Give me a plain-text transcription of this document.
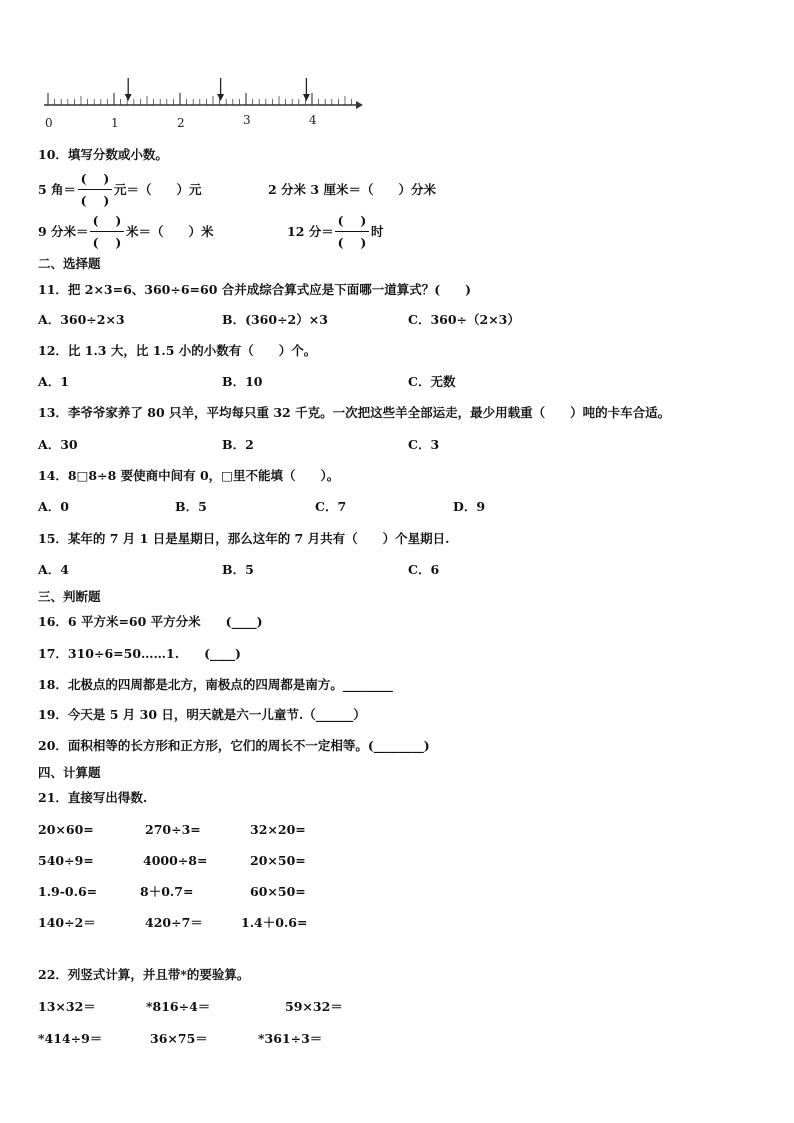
0	1	2	3	4
10．填写分数或小数。
5 角＝
(　 )
(　 )
元＝（　　）元	2 分米 3 厘米＝（　　）分米
9 分米＝
(　 )
(　 )
米＝（　　）米	12 分＝
(　 )
(　 )
时
二、选择题
11．把 2×3=6、360÷6=60 合并成综合算式应是下面哪一道算式？(　　)
A．360÷2×3	B．(360÷2）×3	C．360÷（2×3）
12．比 1.3 大，比 1.5 小的小数有（　　）个。
A．1	B．10	C．无数
13．李爷爷家养了 80 只羊，平均每只重 32 千克。一次把这些羊全部运走，最少用载重（　　）吨的卡车合适。
A．30	B．2	C．3
14．8□8÷8 要使商中间有 0，□里不能填（　　）。
A．0	B．5	C．7	D．9
15．某年的 7 月 1 日是星期日，那么这年的 7 月共有（　　）个星期日.
A．4	B．5	C．6
三、判断题
16．6 平方米=60 平方分米　　(____)
17．310÷6=50……1.　　(____)
18．北极点的四周都是北方，南极点的四周都是南方。________
19．今天是 5 月 30 日，明天就是六一儿童节.（______）
20．面积相等的长方形和正方形，它们的周长不一定相等。(________)
四、计算题
21．直接写出得数.
20×60=	270÷3=	32×20=
540÷9=	4000÷8=	20×50=
1.9-0.6=	8＋0.7=	60×50=
140÷2＝	420÷7＝	1.4＋0.6=
22．列竖式计算，并且带*的要验算。
13×32＝	*816÷4＝	59×32＝
*414÷9＝	36×75＝	*361÷3＝
